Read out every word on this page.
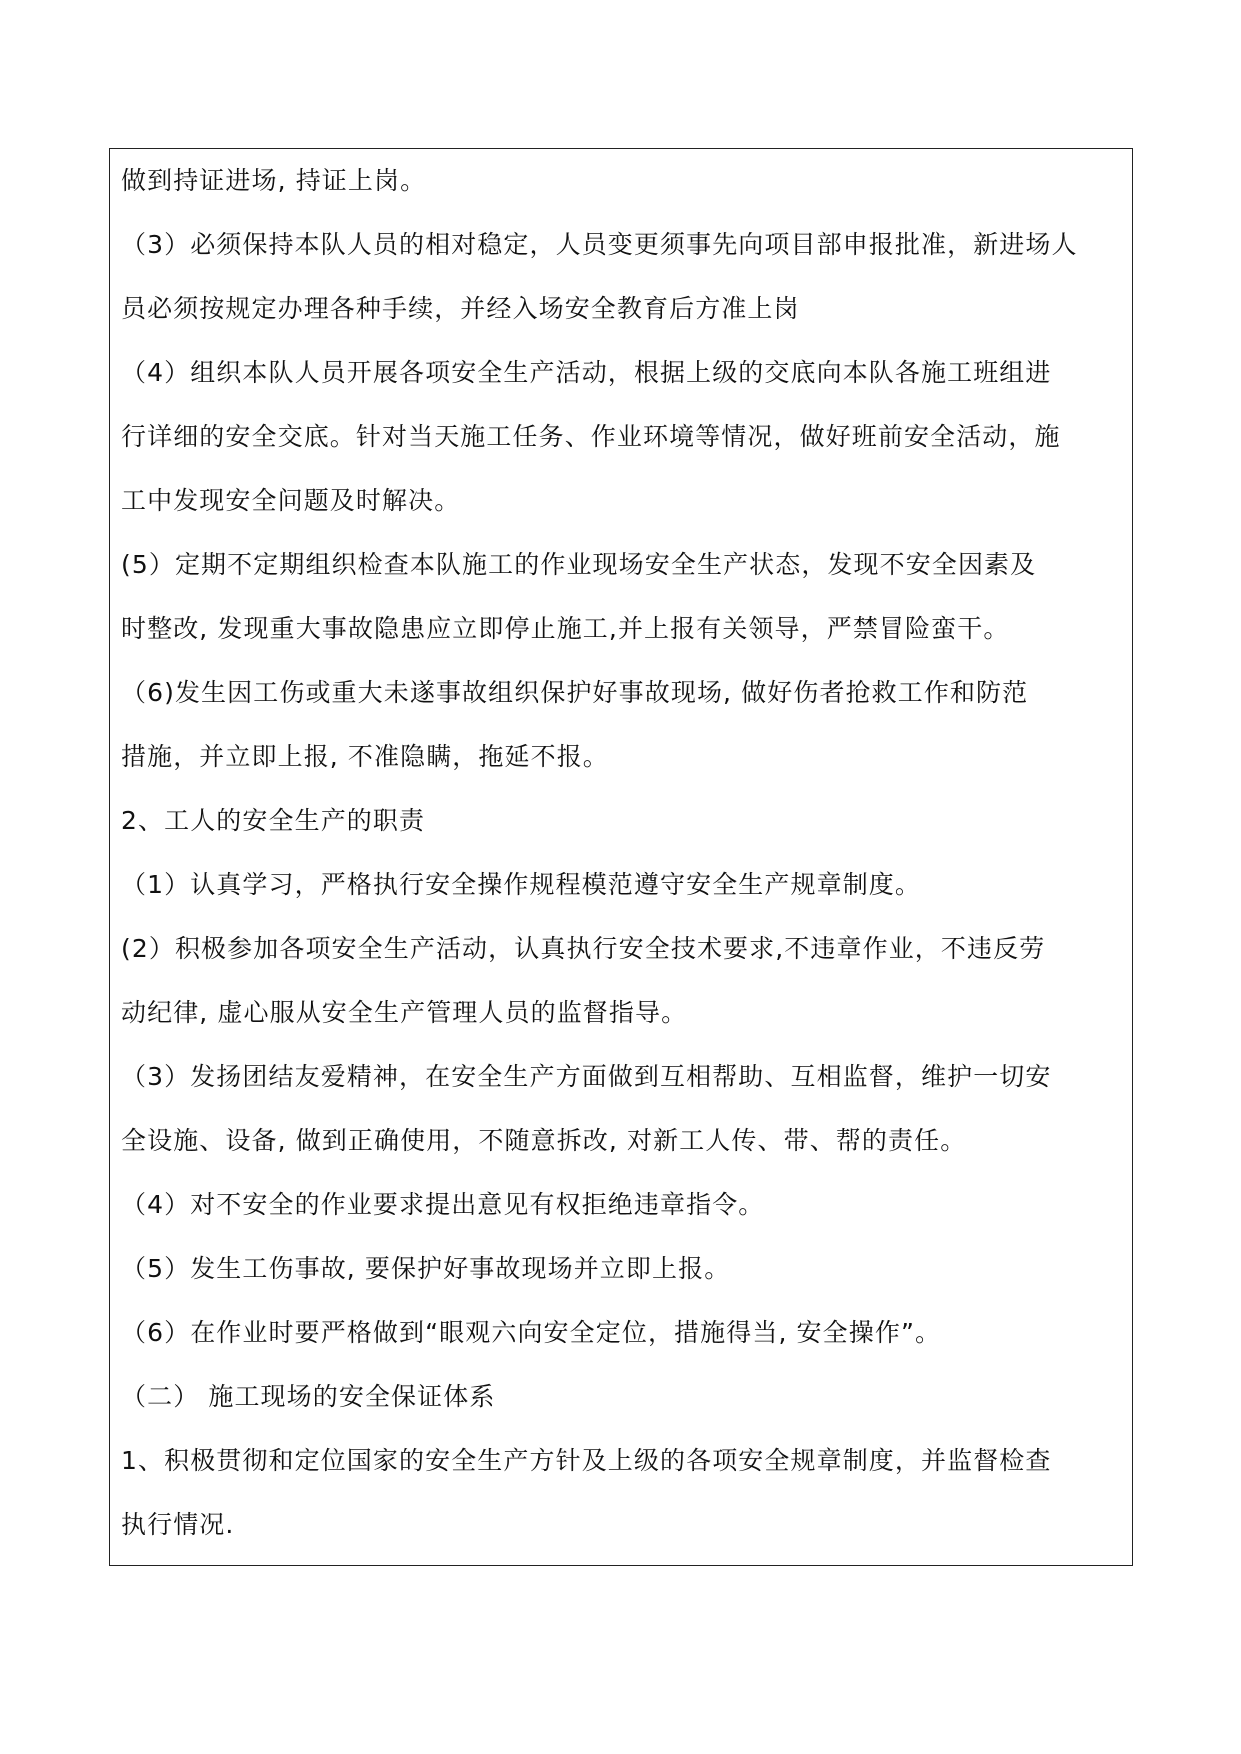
做到持证进场, 持证上岗。
（3）必须保持本队人员的相对稳定，人员变更须事先向项目部申报批准，新进场人
员必须按规定办理各种手续，并经入场安全教育后方准上岗
（4）组织本队人员开展各项安全生产活动，根据上级的交底向本队各施工班组进
行详细的安全交底。针对当天施工任务、作业环境等情况，做好班前安全活动，施
工中发现安全问题及时解决。
(5）定期不定期组织检查本队施工的作业现场安全生产状态，发现不安全因素及
时整改, 发现重大事故隐患应立即停止施工,并上报有关领导，严禁冒险蛮干。
（6)发生因工伤或重大未遂事故组织保护好事故现场, 做好伤者抢救工作和防范
措施，并立即上报, 不准隐瞒，拖延不报。
2、工人的安全生产的职责
（1）认真学习，严格执行安全操作规程模范遵守安全生产规章制度。
(2）积极参加各项安全生产活动，认真执行安全技术要求,不违章作业，不违反劳
动纪律, 虚心服从安全生产管理人员的监督指导。
（3）发扬团结友爱精神，在安全生产方面做到互相帮助、互相监督，维护一切安
全设施、设备, 做到正确使用，不随意拆改, 对新工人传、带、帮的责任。
（4）对不安全的作业要求提出意见有权拒绝违章指令。
（5）发生工伤事故, 要保护好事故现场并立即上报。
（6）在作业时要严格做到“眼观六向安全定位，措施得当, 安全操作”。
（二） 施工现场的安全保证体系
1、积极贯彻和定位国家的安全生产方针及上级的各项安全规章制度，并监督检查
执行情况.
